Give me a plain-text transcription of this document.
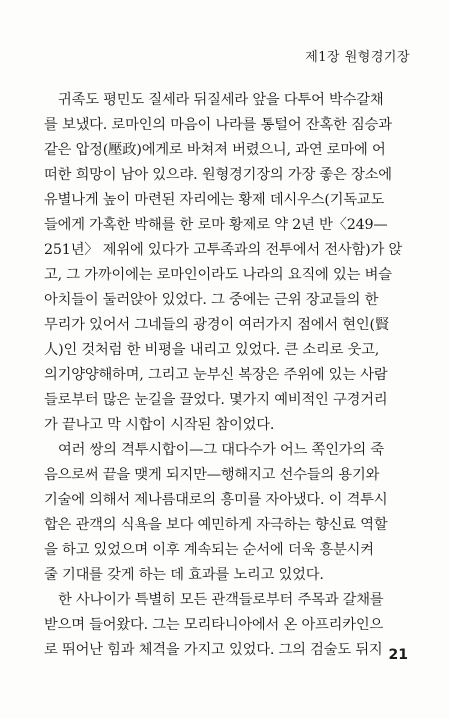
제1장 원형경기장
귀족도 평민도 질세라 뒤질세라 앞을 다투어 박수갈채
를 보냈다. 로마인의 마음이 나라를 통털어 잔혹한 짐승과
같은 압정(壓政)에게로 바쳐져 버렸으니, 과연 로마에 어
떠한 희망이 남아 있으랴. 원형경기장의 가장 좋은 장소에
유별나게 높이 마련된 자리에는 황제 데시우스(기독교도
들에게 가혹한 박해를 한 로마 황제로 약 2년 반〈249—
251년〉 제위에 있다가 고투족과의 전투에서 전사함)가 앉
고, 그 가까이에는 로마인이라도 나라의 요직에 있는 벼슬
아치들이 둘러앉아 있었다. 그 중에는 근위 장교들의 한
무리가 있어서 그네들의 광경이 여러가지 점에서 현인(賢
人)인 것처럼 한 비평을 내리고 있었다. 큰 소리로 웃고,
의기양양해하며, 그리고 눈부신 복장은 주위에 있는 사람
들로부터 많은 눈길을 끌었다. 몇가지 예비적인 구경거리
가 끝나고 막 시합이 시작된 참이었다.
여러 쌍의 격투시합이—그 대다수가 어느 쪽인가의 죽
음으로써 끝을 맺게 되지만—행해지고 선수들의 용기와
기술에 의해서 제나름대로의 흥미를 자아냈다. 이 격투시
합은 관객의 식욕을 보다 예민하게 자극하는 향신료 역할
을 하고 있었으며 이후 계속되는 순서에 더욱 흥분시켜
줄 기대를 갖게 하는 데 효과를 노리고 있었다.
한 사나이가 특별히 모든 관객들로부터 주목과 갈채를
받으며 들어왔다. 그는 모리타니아에서 온 아프리카인으
로 뛰어난 힘과 체격을 가지고 있었다. 그의 검술도 뒤지 21
